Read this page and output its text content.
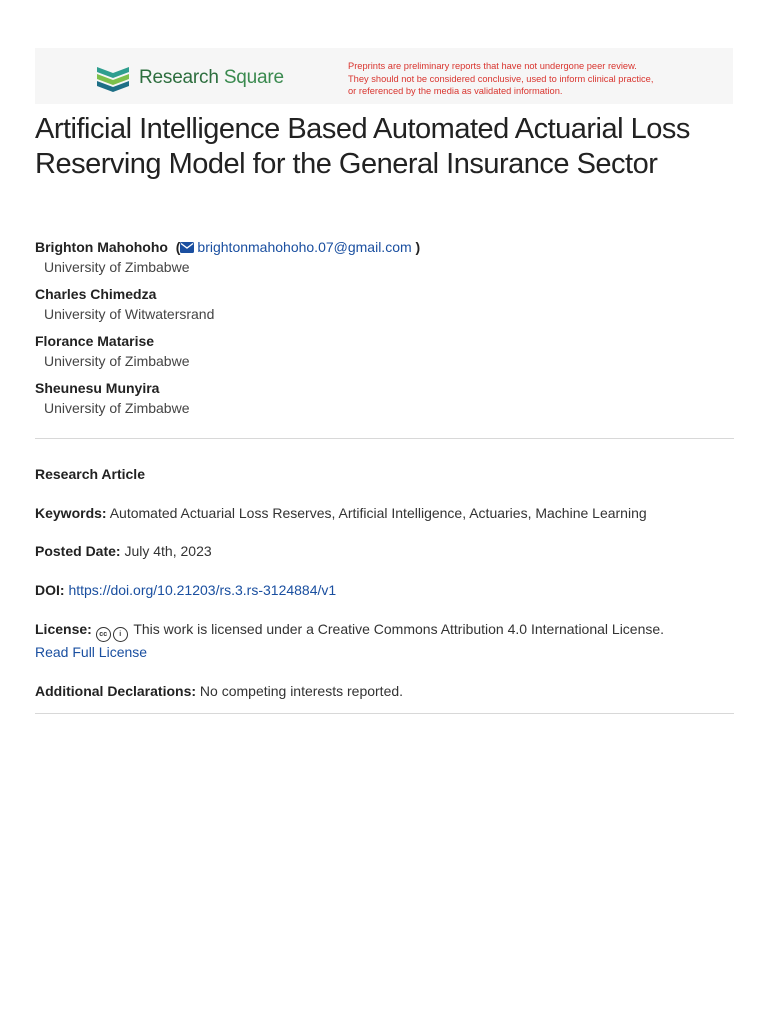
Research Square
Preprints are preliminary reports that have not undergone peer review.
They should not be considered conclusive, used to inform clinical practice,
or referenced by the media as validated information.
Artificial Intelligence Based Automated Actuarial Loss Reserving Model for the General Insurance Sector
Brighton Mahohoho  ( brightonmahohoho.07@gmail.com )
University of Zimbabwe
Charles Chimedza
University of Witwatersrand
Florance Matarise
University of Zimbabwe
Sheunesu Munyira
University of Zimbabwe
Research Article
Keywords: Automated Actuarial Loss Reserves, Artificial Intelligence, Actuaries, Machine Learning
Posted Date: July 4th, 2023
DOI: https://doi.org/10.21203/rs.3.rs-3124884/v1
License: cc i This work is licensed under a Creative Commons Attribution 4.0 International License.
Read Full License
Additional Declarations: No competing interests reported.
